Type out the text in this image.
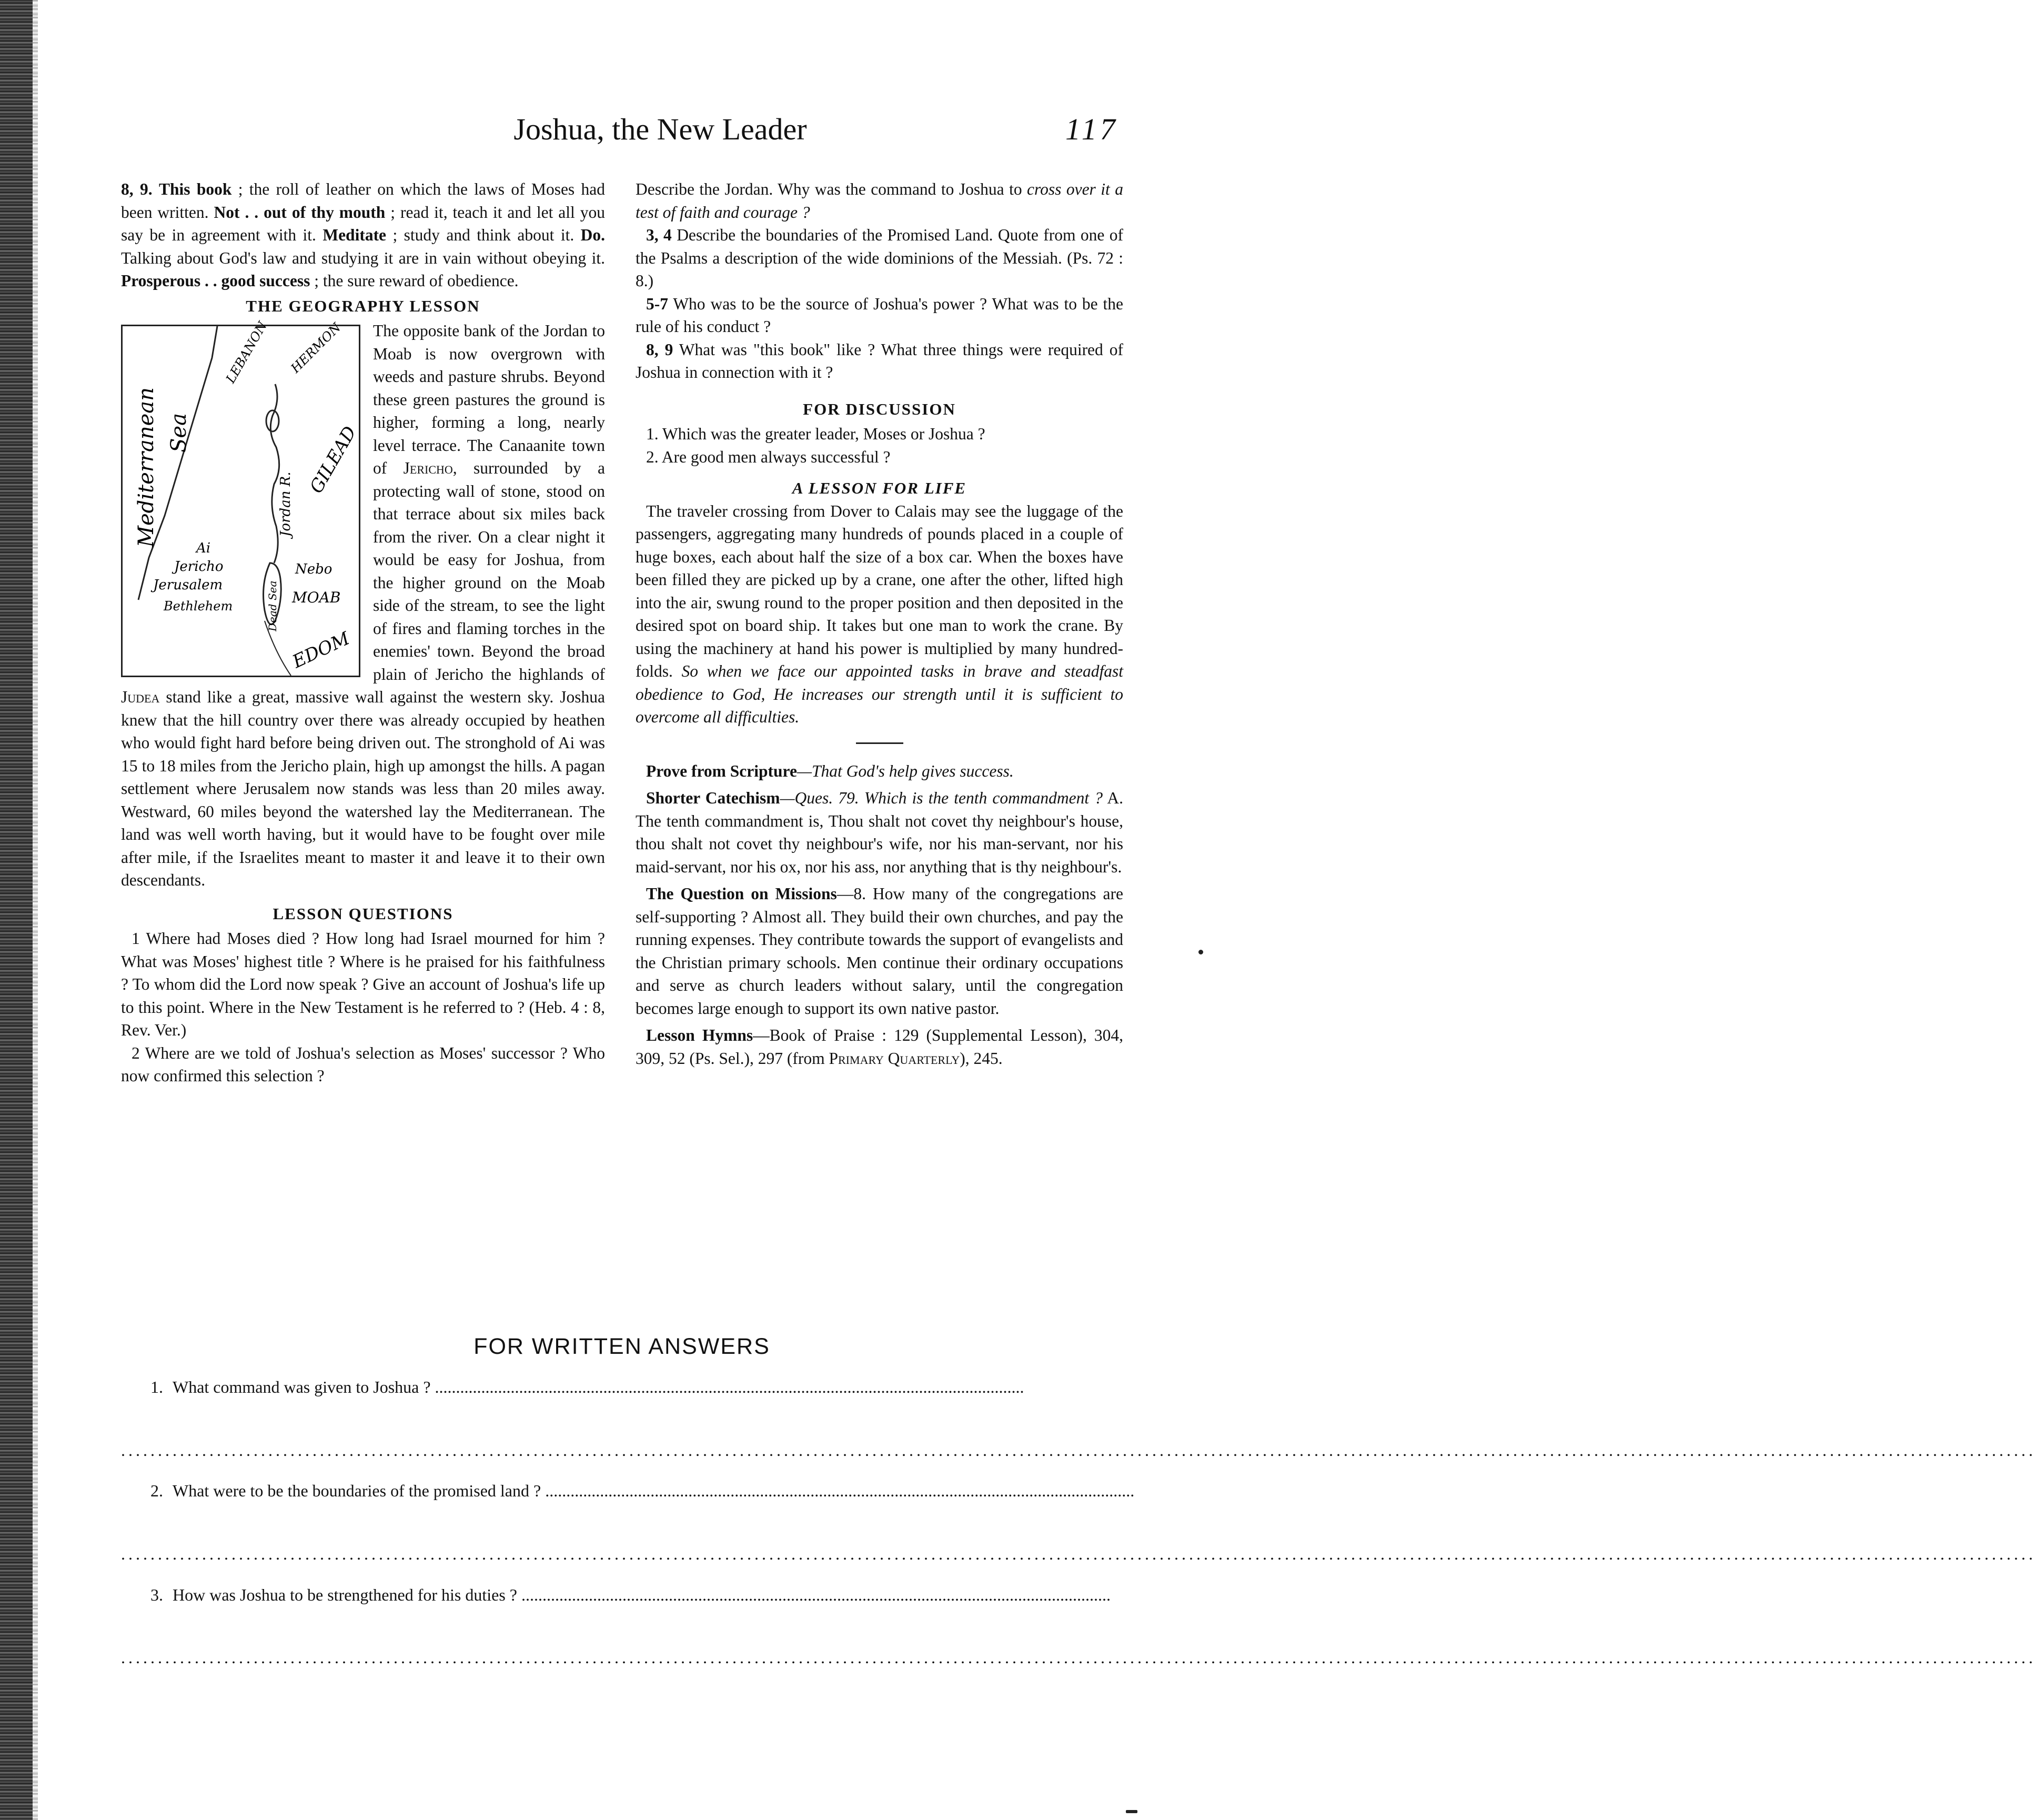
Joshua, the New Leader	117

8, 9. This book ; the roll of leather on which the laws of Moses had been written. Not . . out of thy mouth ; read it, teach it and let all you say be in agreement with it. Meditate ; study and think about it. Do. Talking about God's law and studying it are in vain without obeying it. Prosperous . . good success ; the sure reward of obedience.

THE GEOGRAPHY LESSON
Mediterranean Sea
LEBANON HERMON
Jordan R.
GILEAD
Ai
Jericho
Jerusalem
Bethlehem
Nebo
MOAB
Dead Sea
EDOM

The opposite bank of the Jordan to Moab is now overgrown with weeds and pasture shrubs. Beyond these green pastures the ground is higher, forming a long, nearly level terrace. The Canaanite town of Jericho, surrounded by a protecting wall of stone, stood on that terrace about six miles back from the river. On a clear night it would be easy for Joshua, from the higher ground on the Moab side of the stream, to see the light of fires and flaming torches in the enemies' town. Beyond the broad plain of Jericho the highlands of Judea stand like a great, massive wall against the western sky. Joshua knew that the hill country over there was already occupied by heathen who would fight hard before being driven out. The stronghold of Ai was 15 to 18 miles from the Jericho plain, high up amongst the hills. A pagan settlement where Jerusalem now stands was less than 20 miles away. Westward, 60 miles beyond the watershed lay the Mediterranean. The land was well worth having, but it would have to be fought over mile after mile, if the Israelites meant to master it and leave it to their own descendants.

LESSON QUESTIONS

1 Where had Moses died ? How long had Israel mourned for him ? What was Moses' highest title ? Where is he praised for his faithfulness ? To whom did the Lord now speak ? Give an account of Joshua's life up to this point. Where in the New Testament is he referred to ? (Heb. 4 : 8, Rev. Ver.)

2 Where are we told of Joshua's selection as Moses' successor ? Who now confirmed this selection ?

Describe the Jordan. Why was the command to Joshua to cross over it a test of faith and courage ?

3, 4 Describe the boundaries of the Promised Land. Quote from one of the Psalms a description of the wide dominions of the Messiah. (Ps. 72 : 8.)

5-7 Who was to be the source of Joshua's power ? What was to be the rule of his conduct ?

8, 9 What was "this book" like ? What three things were required of Joshua in connection with it ?

FOR DISCUSSION

1. Which was the greater leader, Moses or Joshua ?

2. Are good men always successful ?

A LESSON FOR LIFE

The traveler crossing from Dover to Calais may see the luggage of the passengers, aggregating many hundreds of pounds placed in a couple of huge boxes, each about half the size of a box car. When the boxes have been filled they are picked up by a crane, one after the other, lifted high into the air, swung round to the proper position and then deposited in the desired spot on board ship. It takes but one man to work the crane. By using the machinery at hand his power is multiplied by many hundred-folds. So when we face our appointed tasks in brave and steadfast obedience to God, He increases our strength until it is sufficient to overcome all difficulties.

Prove from Scripture—That God's help gives success.

Shorter Catechism—Ques. 79. Which is the tenth commandment ? A. The tenth commandment is, Thou shalt not covet thy neighbour's house, thou shalt not covet thy neighbour's wife, nor his man-servant, nor his maid-servant, nor his ox, nor his ass, nor anything that is thy neighbour's.

The Question on Missions—8. How many of the congregations are self-supporting ? Almost all. They build their own churches, and pay the running expenses. They contribute towards the support of evangelists and the Christian primary schools. Men continue their ordinary occupations and serve as church leaders without salary, until the congregation becomes large enough to support its own native pastor.

Lesson Hymns—Book of Praise : 129 (Supplemental Lesson), 304, 309, 52 (Ps. Sel.), 297 (from Primary Quarterly), 245.

FOR WRITTEN ANSWERS
1. What command was given to Joshua ? ............................................................................................................................................
....................................................................................................................................................................................................................................................................
2. What were to be the boundaries of the promised land ? ............................................................................................................................................
....................................................................................................................................................................................................................................................................
3. How was Joshua to be strengthened for his duties ? ............................................................................................................................................
....................................................................................................................................................................................................................................................................
